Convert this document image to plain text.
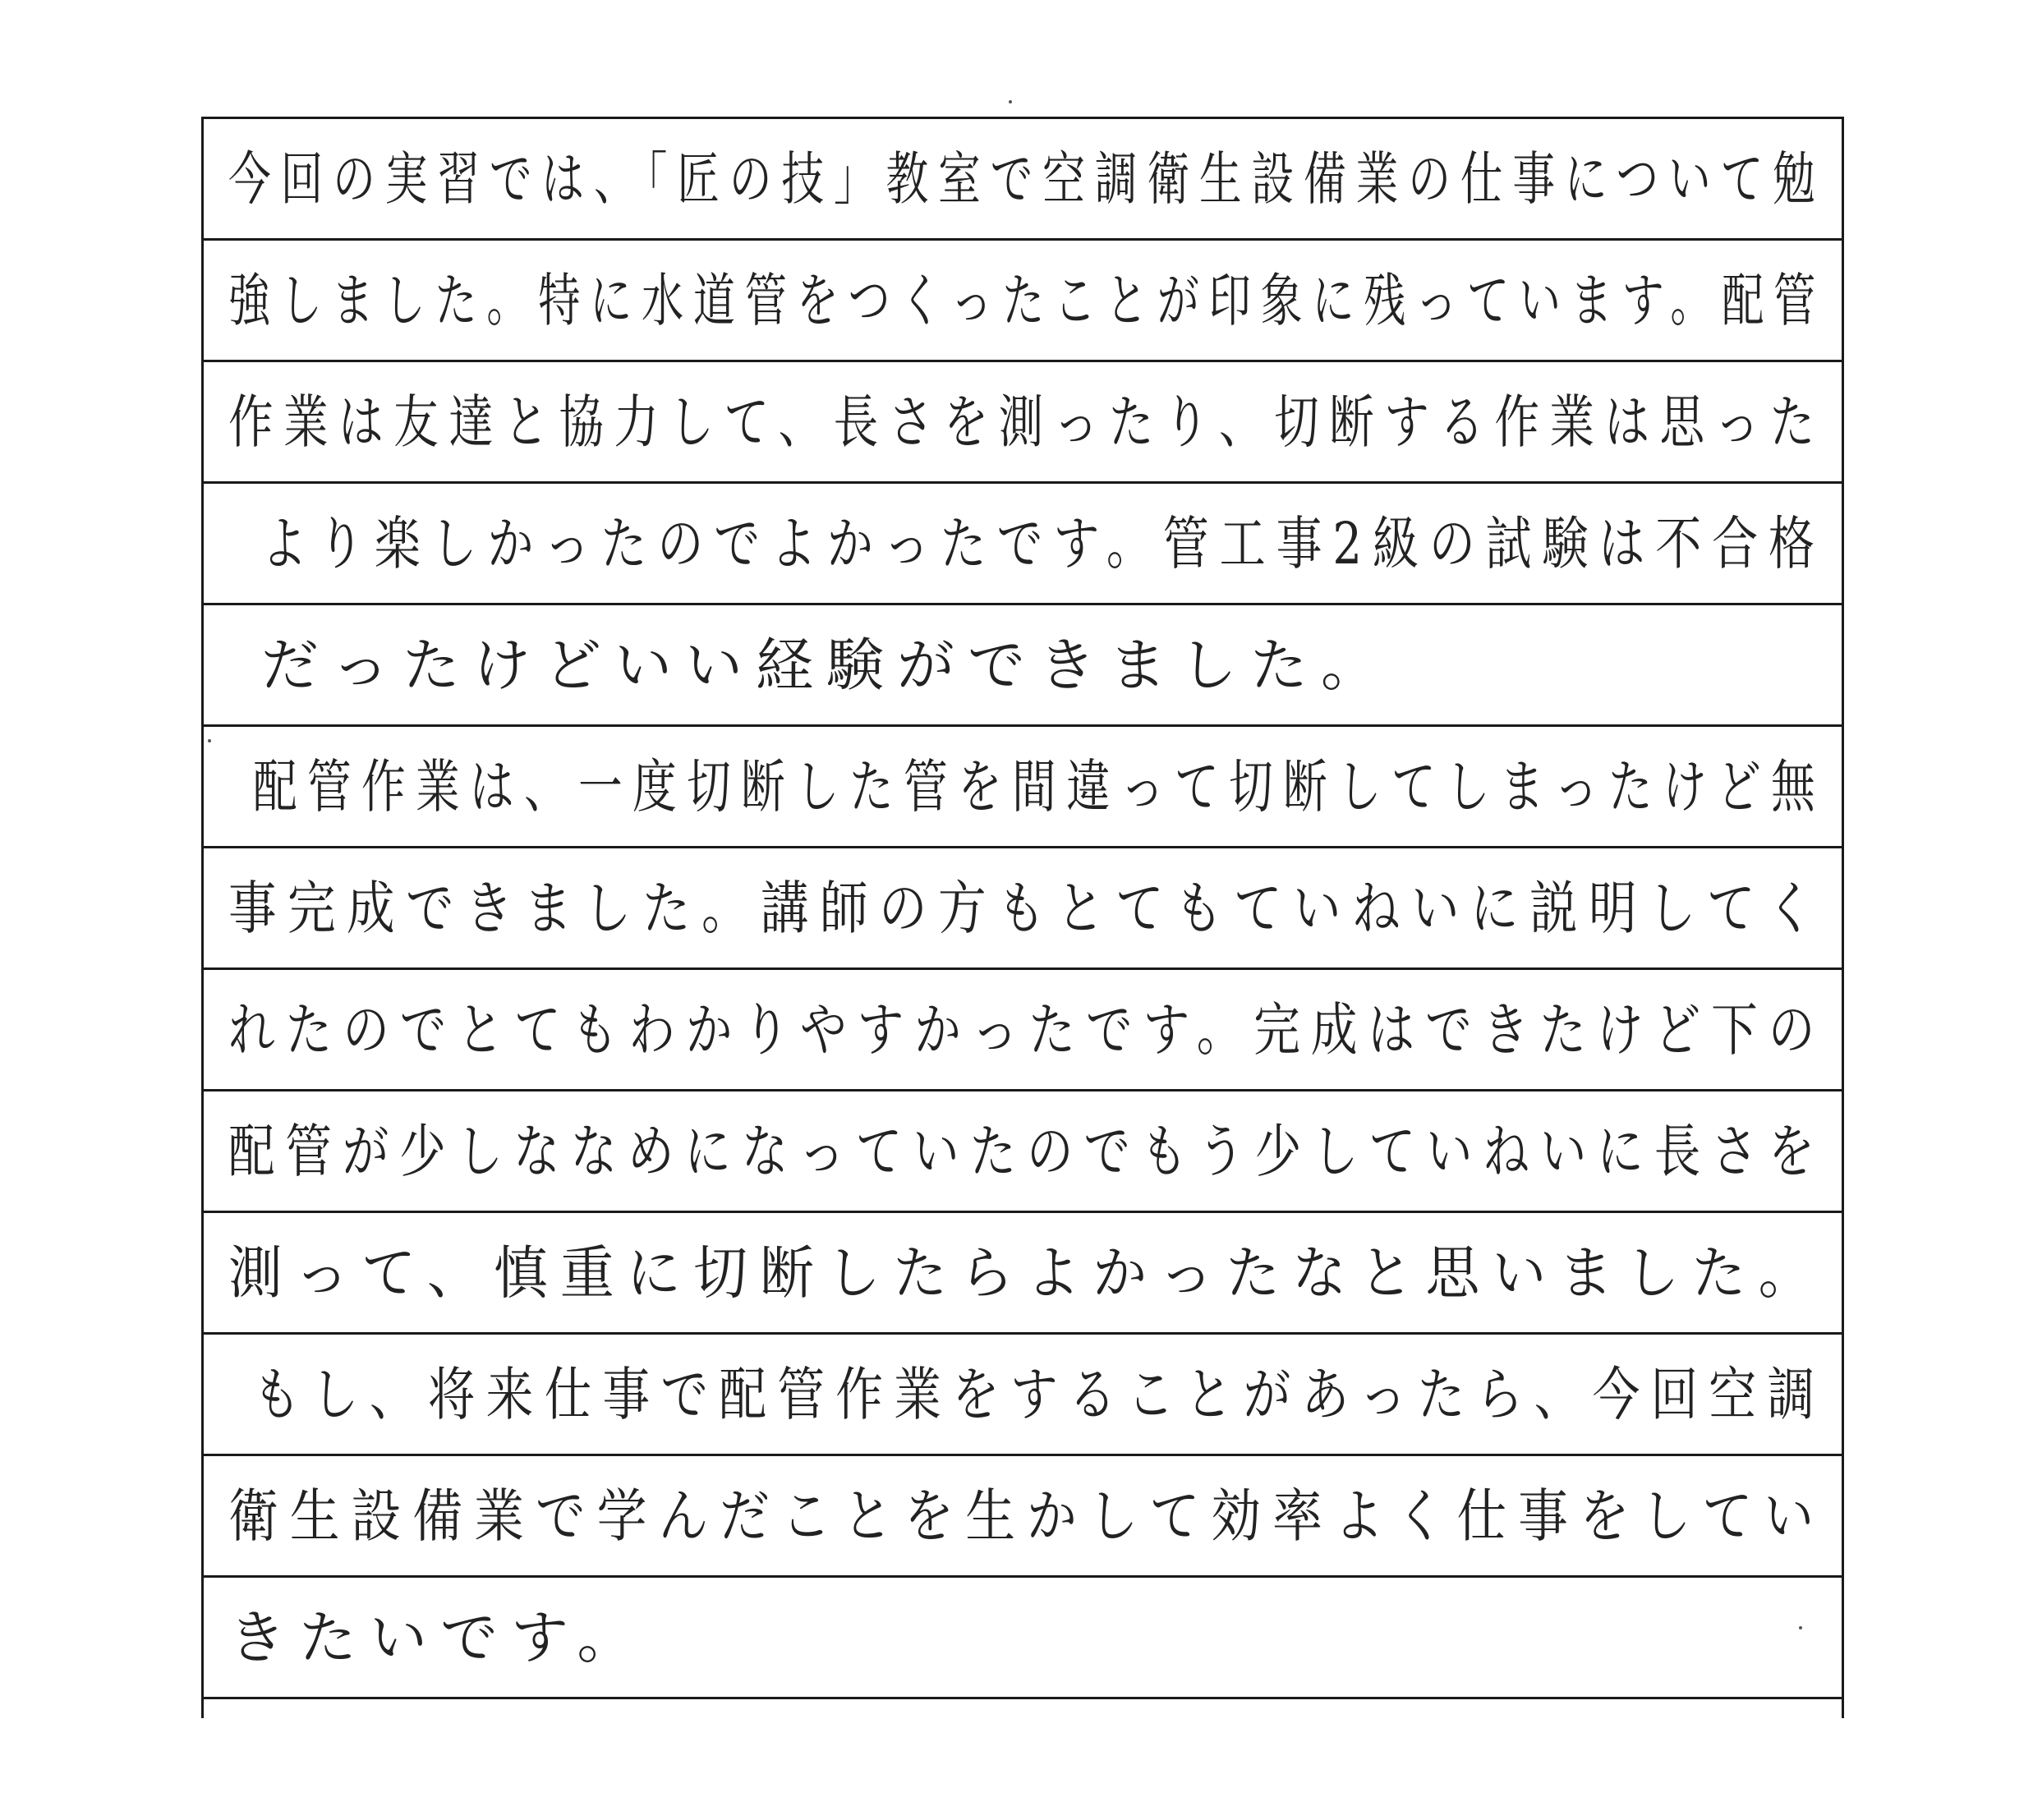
今回の実習では、「匠の技」教室で空調衛生設備業の仕事について勉
強しました。特に水道管をつくったことが印象に残っています。配管
作業は友達と協力して、長さを測ったり、切断する作業は思った
より楽しかったのでよかったです。管工事2級の試験は不合格
だったけどいい経験ができました。
配管作業は、一度切断した管を間違って切断してしまったけど無
事完成できました。講師の方もとてもていねいに説明してく
れたのでとてもわかりやすかったです。完成はできたけど下の
配管が少しななめになっていたのでもう少していねいに長さを
測って、慎重に切断したらよかったなと思いました。
もし、将来仕事で配管作業をすることがあったら、今回空調
衛生設備業で学んだことを生かして効率よく仕事をしてい
きたいです。
